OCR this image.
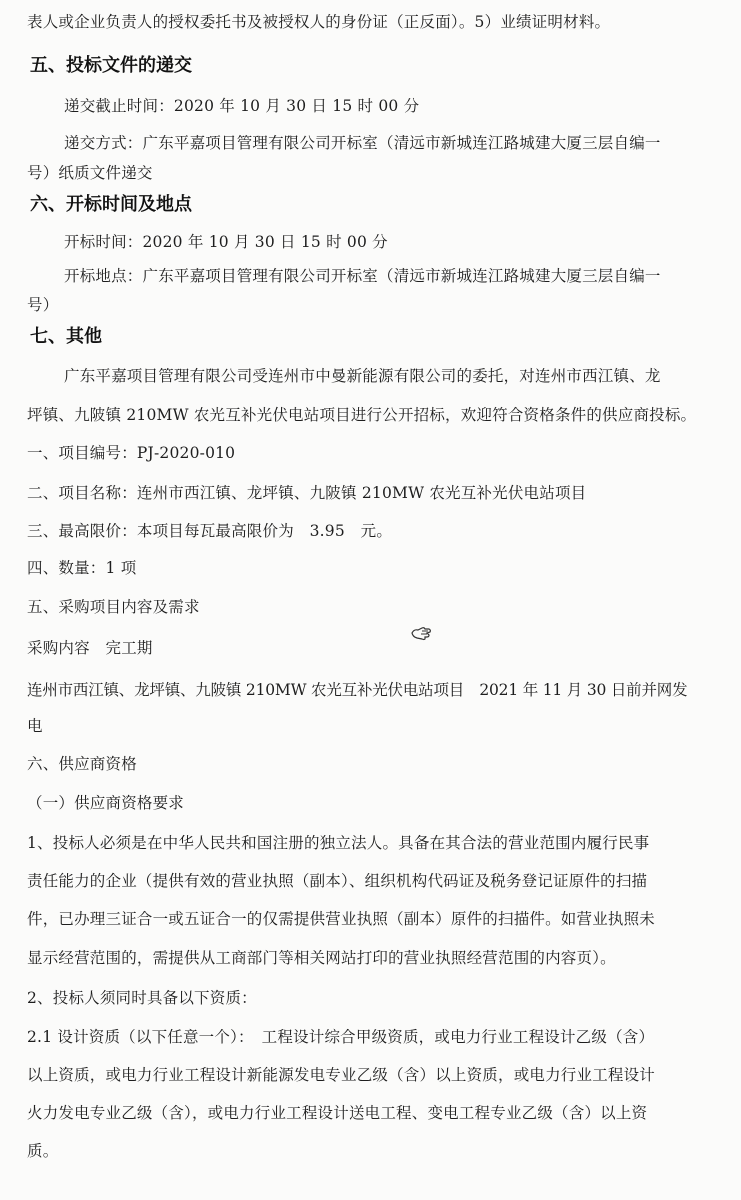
表人或企业负责人的授权委托书及被授权人的身份证（正反面）。5）业绩证明材料。
五、投标文件的递交
递交截止时间：2020 年 10 月 30 日 15 时 00 分
递交方式：广东平嘉项目管理有限公司开标室（清远市新城连江路城建大厦三层自编一
号）纸质文件递交
六、开标时间及地点
开标时间：2020 年 10 月 30 日 15 时 00 分
开标地点：广东平嘉项目管理有限公司开标室（清远市新城连江路城建大厦三层自编一
号）
七、其他
广东平嘉项目管理有限公司受连州市中曼新能源有限公司的委托，对连州市西江镇、龙
坪镇、九陂镇 210MW 农光互补光伏电站项目进行公开招标，欢迎符合资格条件的供应商投标。
一、项目编号：PJ-2020-010
二、项目名称：连州市西江镇、龙坪镇、九陂镇 210MW 农光互补光伏电站项目
三、最高限价：本项目每瓦最高限价为　3.95　元。
四、数量：1 项
五、采购项目内容及需求
采购内容　完工期
连州市西江镇、龙坪镇、九陂镇 210MW 农光互补光伏电站项目　2021 年 11 月 30 日前并网发
电
六、供应商资格
（一）供应商资格要求
1、投标人必须是在中华人民共和国注册的独立法人。具备在其合法的营业范围内履行民事
责任能力的企业（提供有效的营业执照（副本）、组织机构代码证及税务登记证原件的扫描
件，已办理三证合一或五证合一的仅需提供营业执照（副本）原件的扫描件。如营业执照未
显示经营范围的，需提供从工商部门等相关网站打印的营业执照经营范围的内容页）。
2、投标人须同时具备以下资质：
2.1 设计资质（以下任意一个）：　工程设计综合甲级资质，或电力行业工程设计乙级（含）
以上资质，或电力行业工程设计新能源发电专业乙级（含）以上资质，或电力行业工程设计
火力发电专业乙级（含），或电力行业工程设计送电工程、变电工程专业乙级（含）以上资
质。
